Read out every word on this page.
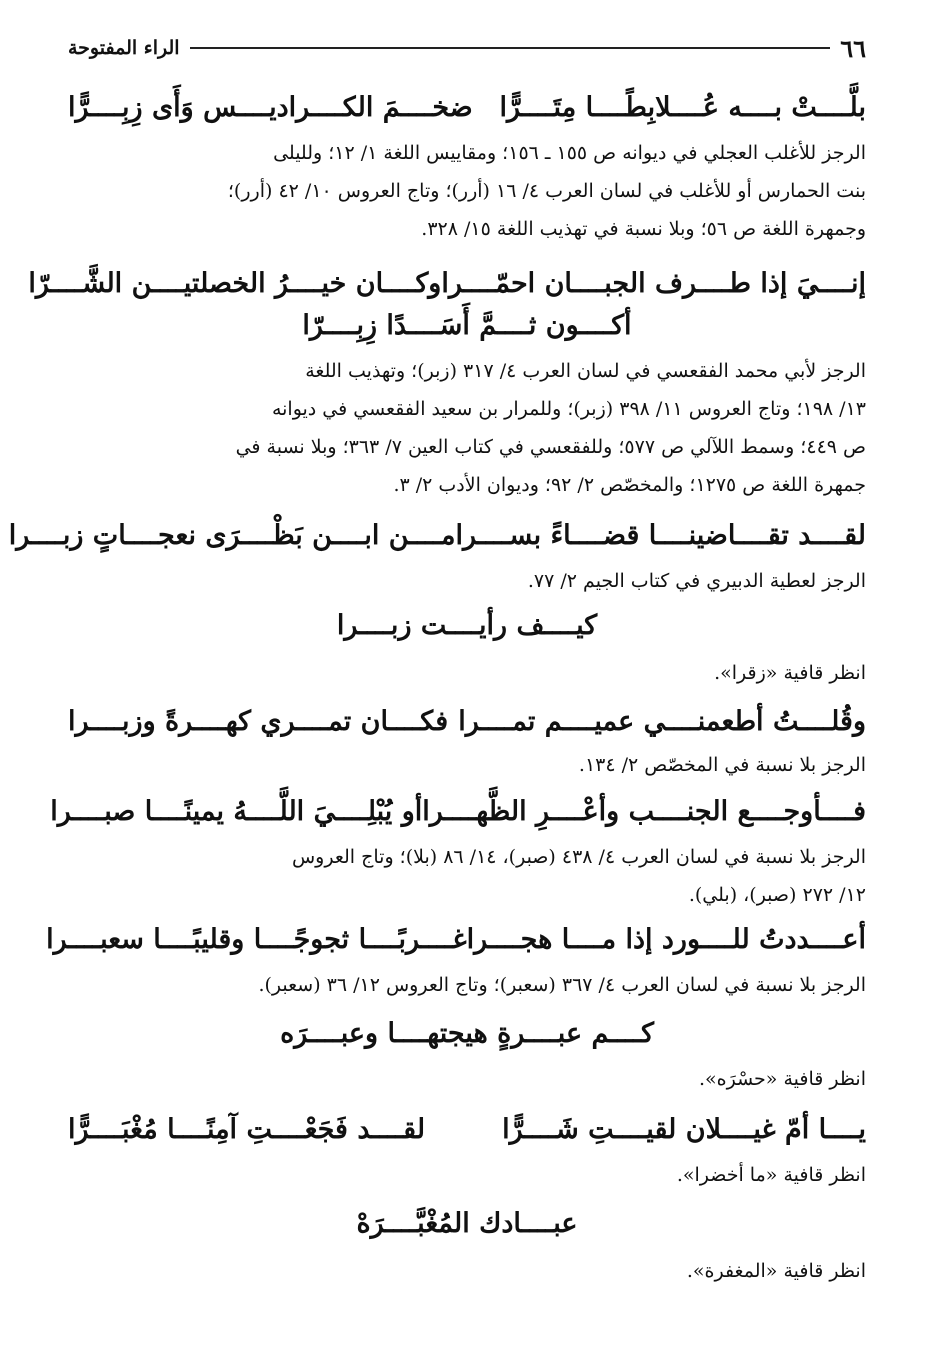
٦٦
الراء المفتوحة
بلَّــــتْ بــــه عُــــلابِطًــــا مِتَــــرًّا
ضخــــمَ الكــــراديــــس وَأَى زِبِــــرًّا

الرجز للأغلب العجلي في ديوانه ص ١٥٥ ـ ١٥٦؛ ومقاييس اللغة ١/ ١٢؛ ولليلى

بنت الحمارس أو للأغلب في لسان العرب ٤/ ١٦ (أرر)؛ وتاج العروس ١٠/ ٤٢ (أرر)؛

وجمهرة اللغة ص ٥٦؛ وبلا نسبة في تهذيب اللغة ١٥/ ٣٢٨.

إنــــيَ إذا طــــرف الجبــــان احمّــــرا
وكــــان خيــــرُ الخصلتيــــن الشَّــــرّا
أكــــون ثــــمَّ أَسَــــدًا زِبِــــرّا

الرجز لأبي محمد الفقعسي في لسان العرب ٤/ ٣١٧ (زبر)؛ وتهذيب اللغة

١٣/ ١٩٨؛ وتاج العروس ١١/ ٣٩٨ (زبر)؛ وللمرار بن سعيد الفقعسي في ديوانه

ص ٤٤٩؛ وسمط اللآلي ص ٥٧٧؛ وللفقعسي في كتاب العين ٧/ ٣٦٣؛ وبلا نسبة في

جمهرة اللغة ص ١٢٧٥؛ والمخصّص ٢/ ٩٢؛ وديوان الأدب ٢/ ٣.

لقــــد تقــــاضينــــا قضــــاءً بســــرا
مــــن ابــــن بَظْــــرَى نعجــــاتٍ زبــــرا

الرجز لعطية الدبيري في كتاب الجيم ٢/ ٧٧.

كيــــف رأيــــت زبــــرا

انظر قافية «زقرا».

وقُلــــتُ أطعمنــــي عميــــم تمــــرا
فكــــان تمــــري كهــــرةً وزبــــرا

الرجز بلا نسبة في المخصّص ٢/ ١٣٤.

فــــأوجــــع الجنــــب وأعْــــرِ الظَّهــــرا
أو يُبْلِــــيَ اللَّــــهُ يمينًــــا صبــــرا

الرجز بلا نسبة في لسان العرب ٤/ ٤٣٨ (صبر)، ١٤/ ٨٦ (بلا)؛ وتاج العروس

١٢/ ٢٧٢ (صبر)، (بلي).

أعــــددتُ للــــورد إذا مــــا هجــــرا
غــــربًــــا ثجوجًــــا وقليبًــــا سعبــــرا

الرجز بلا نسبة في لسان العرب ٤/ ٣٦٧ (سعبر)؛ وتاج العروس ١٢/ ٣٦ (سعبر).

كــــم عبــــرةٍ هيجتهــــا وعبــــرَه

انظر قافية «حسْرَه».

يــــا أمّ غيــــلان لقيــــتِ شَــــرًّا
لقــــد فَجَعْــــتِ آمِنًــــا مُغْبَــــرًّا

انظر قافية «ما أخضرا».

عبــــادك المُغْبَّــــرَهْ

انظر قافية «المغفرة».
